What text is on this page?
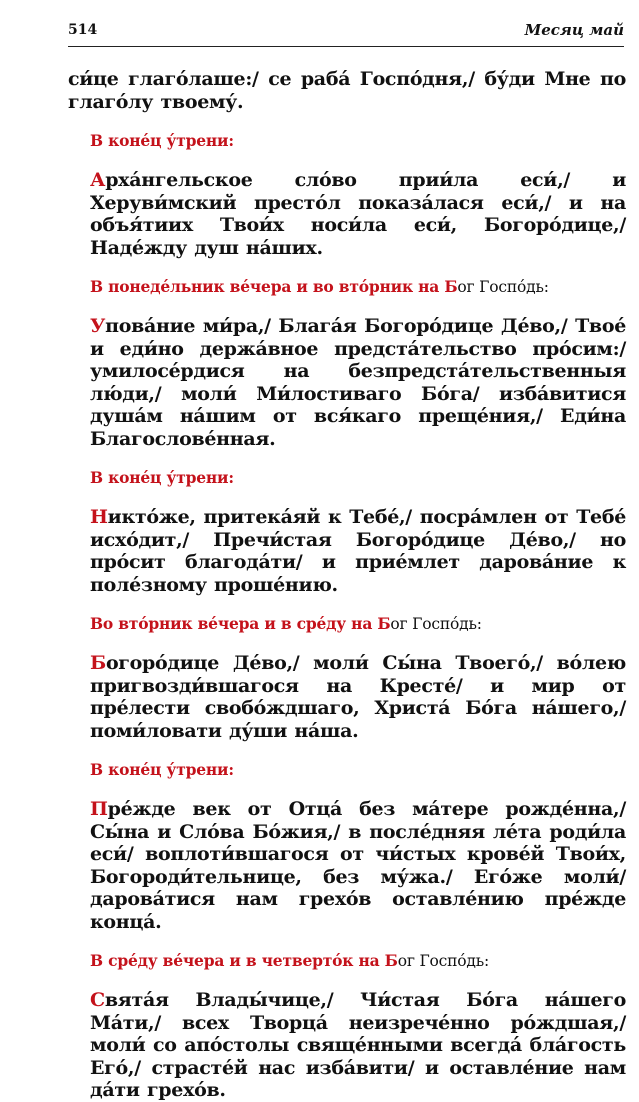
514	Месяц май

си́це глаго́лаше:/ се раба́ Госпо́дня,/ бу́ди Мне по глаго́лу твоему́.

В коне́ц у́трени:

Арха́нгельское сло́во прии́ла еси́,/ и Херуви́мский престо́л показа́лася еси́,/ и на объя́тиих Твои́х носи́ла еси́, Богоро́дице,/ Наде́жду душ на́ших.

В понеде́льник ве́чера и во вто́рник на Бог Госпо́дь:

Упова́ние ми́ра,/ Блага́я Богоро́дице Де́во,/ Твое́ и еди́но держа́вное предста́тельство про́сим:/ умилосе́рдися на безпредста́тельственныя лю́ди,/ моли́ Ми́лостиваго Бо́га/ изба́витися душа́м на́шим от вся́каго преще́ния,/ Еди́на Благослове́нная.

В коне́ц у́трени:

Никто́же, притека́яй к Тебе́,/ посра́млен от Тебе́ исхо́дит,/ Пречи́стая Богоро́дице Де́во,/ но про́сит благода́ти/ и прие́млет дарова́ние к поле́зному проше́нию.

Во вто́рник ве́чера и в сре́ду на Бог Госпо́дь:

Богоро́дице Де́во,/ моли́ Сы́на Твоего́,/ во́лею пригвозди́вшагося на Кресте́/ и мир от пре́лести свобо́ждшаго, Христа́ Бо́га на́шего,/ поми́ловати ду́ши на́ша.

В коне́ц у́трени:

Пре́жде век от Отца́ без ма́тере рожде́нна,/ Сы́на и Сло́ва Бо́жия,/ в после́дняя ле́та роди́ла еси́/ воплоти́вшагося от чи́стых крове́й Твои́х, Богороди́тельнице, без му́жа./ Его́же моли́/ дарова́тися нам грехо́в оставле́нию пре́жде конца́.

В сре́ду ве́чера и в четверто́к на Бог Госпо́дь:

Свята́я Влады́чице,/ Чи́стая Бо́га на́шего Ма́ти,/ всех Творца́ неизрече́нно ро́ждшая,/ моли́ со апо́столы свяще́нными всегда́ бла́гость Его́,/ страсте́й нас изба́вити/ и оставле́ние нам да́ти грехо́в.
